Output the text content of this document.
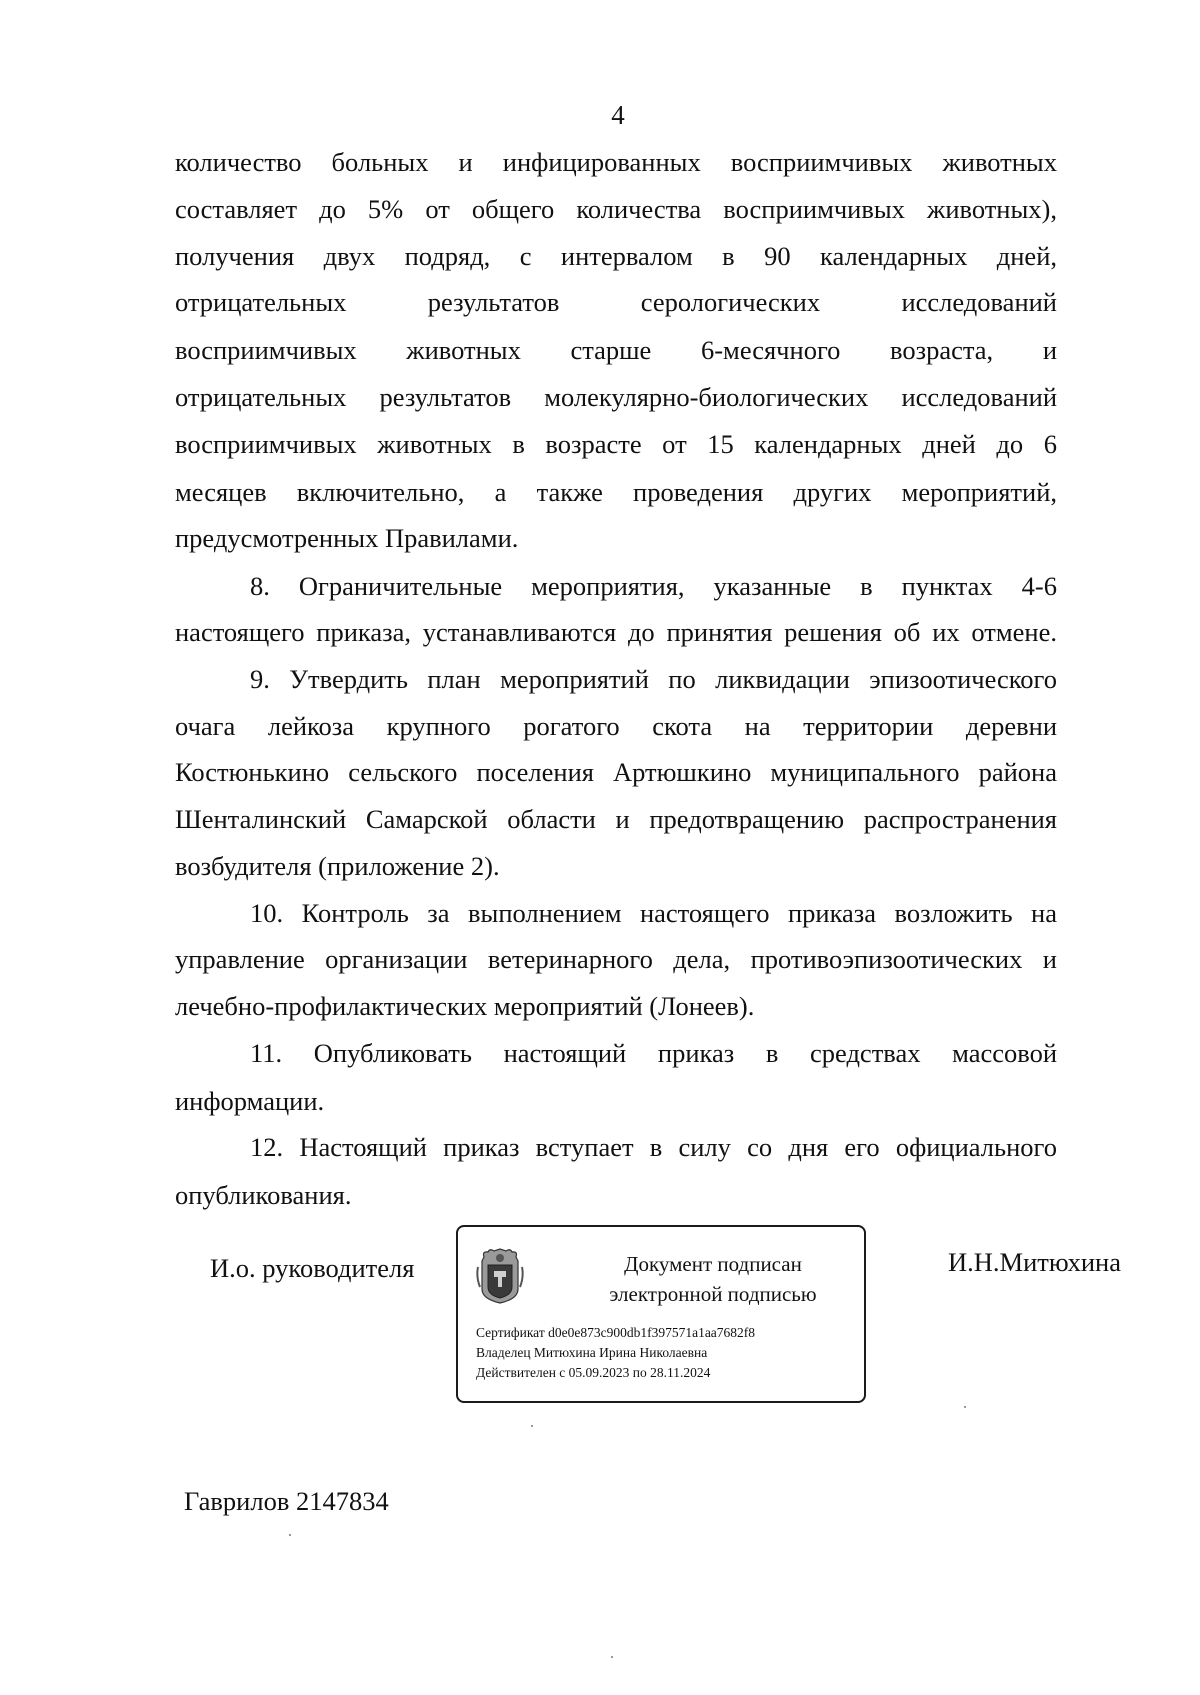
4
количество больных и инфицированных восприимчивых животных
составляет до 5% от общего количества восприимчивых животных),
получения двух подряд, с интервалом в 90 календарных дней,
отрицательных результатов серологических исследований
восприимчивых животных старше 6-месячного возраста, и
отрицательных результатов молекулярно-биологических исследований
восприимчивых животных в возрасте от 15 календарных дней до 6
месяцев включительно, а также проведения других мероприятий,
предусмотренных Правилами.
8. Ограничительные мероприятия, указанные в пунктах 4-6
настоящего приказа, устанавливаются до принятия решения об их отмене.
9. Утвердить план мероприятий по ликвидации эпизоотического
очага лейкоза крупного рогатого скота на территории деревни
Костюнькино сельского поселения Артюшкино муниципального района
Шенталинский Самарской области и предотвращению распространения
возбудителя (приложение 2).
10. Контроль за выполнением настоящего приказа возложить на
управление организации ветеринарного дела, противоэпизоотических и
лечебно-профилактических мероприятий (Лонеев).
11. Опубликовать настоящий приказ в средствах массовой
информации.
12. Настоящий приказ вступает в силу со дня его официального
опубликования.
И.о. руководителя	Документ подписан
электронной подписью
Сертификат d0e0e873c900db1f397571a1aa7682f8
Владелец Митюхина Ирина Николаевна
Действителен с 05.09.2023 по 28.11.2024
И.Н.Митюхина
Гаврилов 2147834
